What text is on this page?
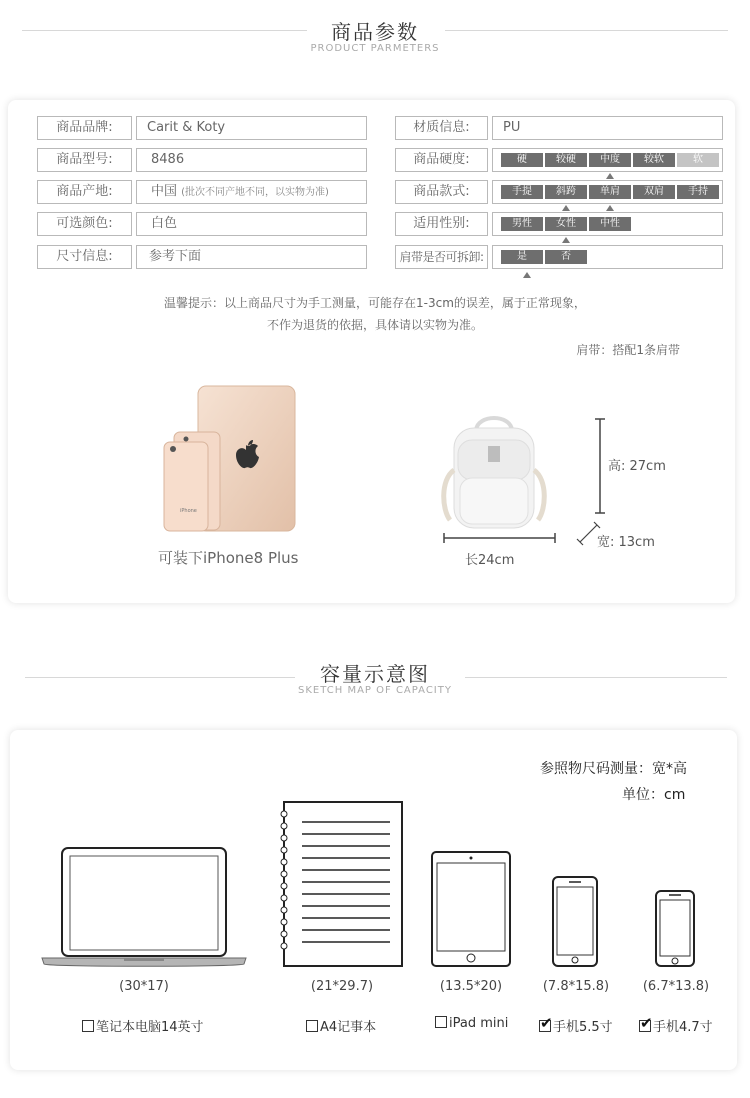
商品参数
PRODUCT PARMETERS
商品品牌:	Carit & Koty
商品型号:	8486
商品产地:	中国 (批次不同产地不同，以实物为准)
可选颜色:	白色
尺寸信息:	参考下面
材质信息:	PU
商品硬度:	硬	较硬	中度	较软	软
商品款式:	手提	斜跨	单肩	双肩	手持
适用性别:	男性	女性	中性
肩带是否可拆卸:	是	否
温馨提示：以上商品尺寸为手工测量，可能存在1-3cm的误差，属于正常现象，
不作为退货的依据，具体请以实物为准。
肩带：搭配1条肩带
iPhone
可装下iPhone8 Plus
高: 27cm
长24cm
宽: 13cm
容量示意图
SKETCH MAP OF CAPACITY
参照物尺码测量：宽*高
单位：cm
(30*17)	(21*29.7)	(13.5*20)	(7.8*15.8)	(6.7*13.8)
笔记本电脑14英寸	A4记事本	iPad mini ✔ 手机5.5寸 ✔ 手机4.7寸
